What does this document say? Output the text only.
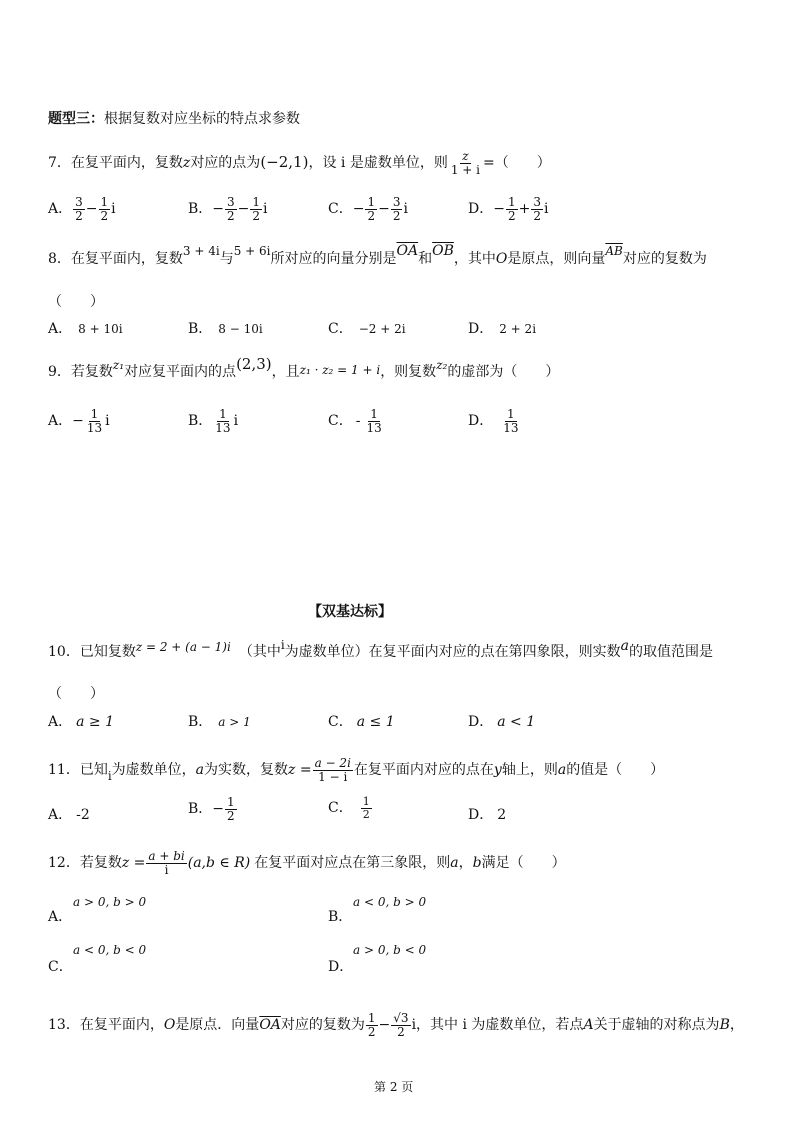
题型三：根据复数对应坐标的特点求参数
7．在复平面内，复数z对应的点为(−2,1)，设 i 是虚数单位，则 $\frac{z}{1 + i}$ =（　　）
A． $\frac{3}{2} - \frac{1}{2}$ i	B．− $\frac{3}{2} - \frac{1}{2}$ i	C．− $\frac{1}{2} - \frac{3}{2}$ i	D．− $\frac{1}{2} + \frac{3}{2}$ i
8．在复平面内，复数3 + 4i与5 + 6i所对应的向量分别是$\overline{OA}$和$\overline{OB}$，其中O是原点，则向量$\overline{AB}$对应的复数为
（　　）
A． 8 + 10i	B． 8 − 10i	C． −2 + 2i	D． 2 + 2i
9．若复数z₁对应复平面内的点(2,3)，且z₁ · z₂ = 1 + i，则复数z₂的虚部为（　　）
A．− $\frac{1}{13}$ i	B． $\frac{1}{13}$ i	C． - $\frac{1}{13}$	D． $\frac{1}{13}$
【双基达标】
10．已知复数z = 2 + (a − 1)i （其中i为虚数单位）在复平面内对应的点在第四象限，则实数a的取值范围是
（　　）
A． a ≥ 1	B． a > 1	C． a ≤ 1	D． a < 1
11．已知i为虚数单位，a为实数，复数$z = \frac{a - 2i}{1 - i}$ 在复平面内对应的点在y轴上，则a的值是（　　）
A． -2	B．− $\frac{1}{2}$	C． $\frac{1}{2}$	D． 2
12．若复数$z = \frac{a + bi}{i} (a,b$ ∈ R) 在复平面对应点在第三象限，则a，b满足（　　）
a > 0, b > 0
A．
a < 0, b > 0
B．
a < 0, b < 0
C．
a > 0, b < 0
D．
13．在复平面内，O是原点．向量$\overline{OA}$对应的复数为 $\frac{1}{2} - \frac{√3}{2}$ i，其中 i 为虚数单位，若点A关于虚轴的对称点为B，
第 2 页
